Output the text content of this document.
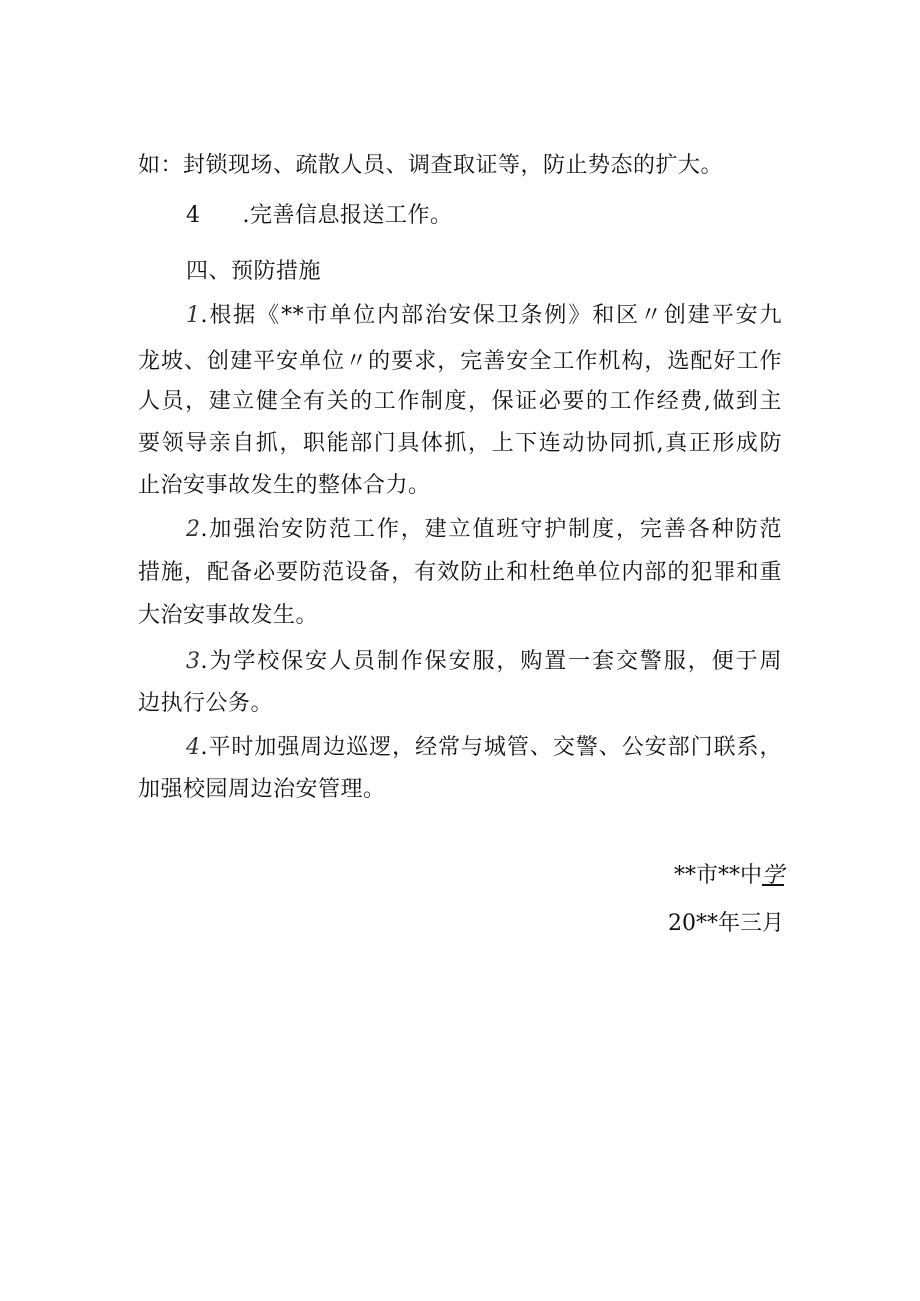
如：封锁现场、疏散人员、调查取证等，防止势态的扩大。
4 .完善信息报送工作。
四、预防措施
1.根据《**市单位内部治安保卫条例》和区〃创建平安九
龙坡、创建平安单位〃的要求，完善安全工作机构，选配好工作
人员，建立健全有关的工作制度，保证必要的工作经费,做到主
要领导亲自抓，职能部门具体抓，上下连动协同抓,真正形成防
止治安事故发生的整体合力。
2.加强治安防范工作，建立值班守护制度，完善各种防范
措施，配备必要防范设备，有效防止和杜绝单位内部的犯罪和重
大治安事故发生。
3.为学校保安人员制作保安服，购置一套交警服，便于周
边执行公务。
4.平时加强周边巡逻，经常与城管、交警、公安部门联系，
加强校园周边治安管理。
**市**中学
20**年三月
